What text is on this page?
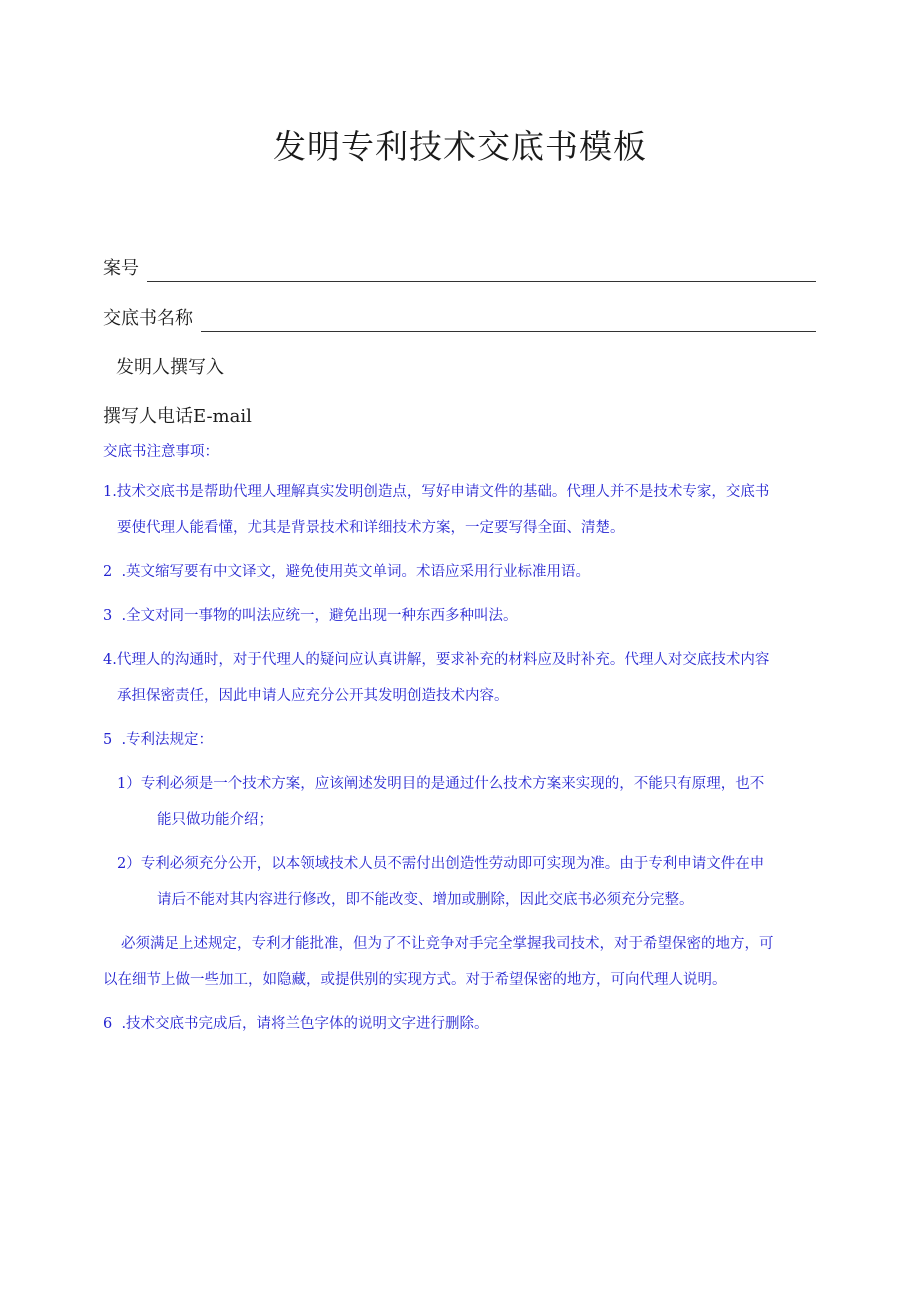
发明专利技术交底书模板
案号
交底书名称
发明人撰写入
撰写人电话E-mail
交底书注意事项：
1.技术交底书是帮助代理人理解真实发明创造点，写好申请文件的基础。代理人并不是技术专家，交底书
要使代理人能看懂，尤其是背景技术和详细技术方案，一定要写得全面、清楚。
2 .英文缩写要有中文译文，避免使用英文单词。术语应采用行业标准用语。
3 .全文对同一事物的叫法应统一，避免出现一种东西多种叫法。
4.代理人的沟通时，对于代理人的疑问应认真讲解，要求补充的材料应及时补充。代理人对交底技术内容
承担保密责任，因此申请人应充分公开其发明创造技术内容。
5 .专利法规定：
1）专利必须是一个技术方案，应该阐述发明目的是通过什么技术方案来实现的，不能只有原理，也不
能只做功能介绍；
2）专利必须充分公开，以本领域技术人员不需付出创造性劳动即可实现为准。由于专利申请文件在申
请后不能对其内容进行修改，即不能改变、增加或删除，因此交底书必须充分完整。
必须满足上述规定，专利才能批准，但为了不让竞争对手完全掌握我司技术，对于希望保密的地方，可
以在细节上做一些加工，如隐藏，或提供别的实现方式。对于希望保密的地方，可向代理人说明。
6 .技术交底书完成后，请将兰色字体的说明文字进行删除。
